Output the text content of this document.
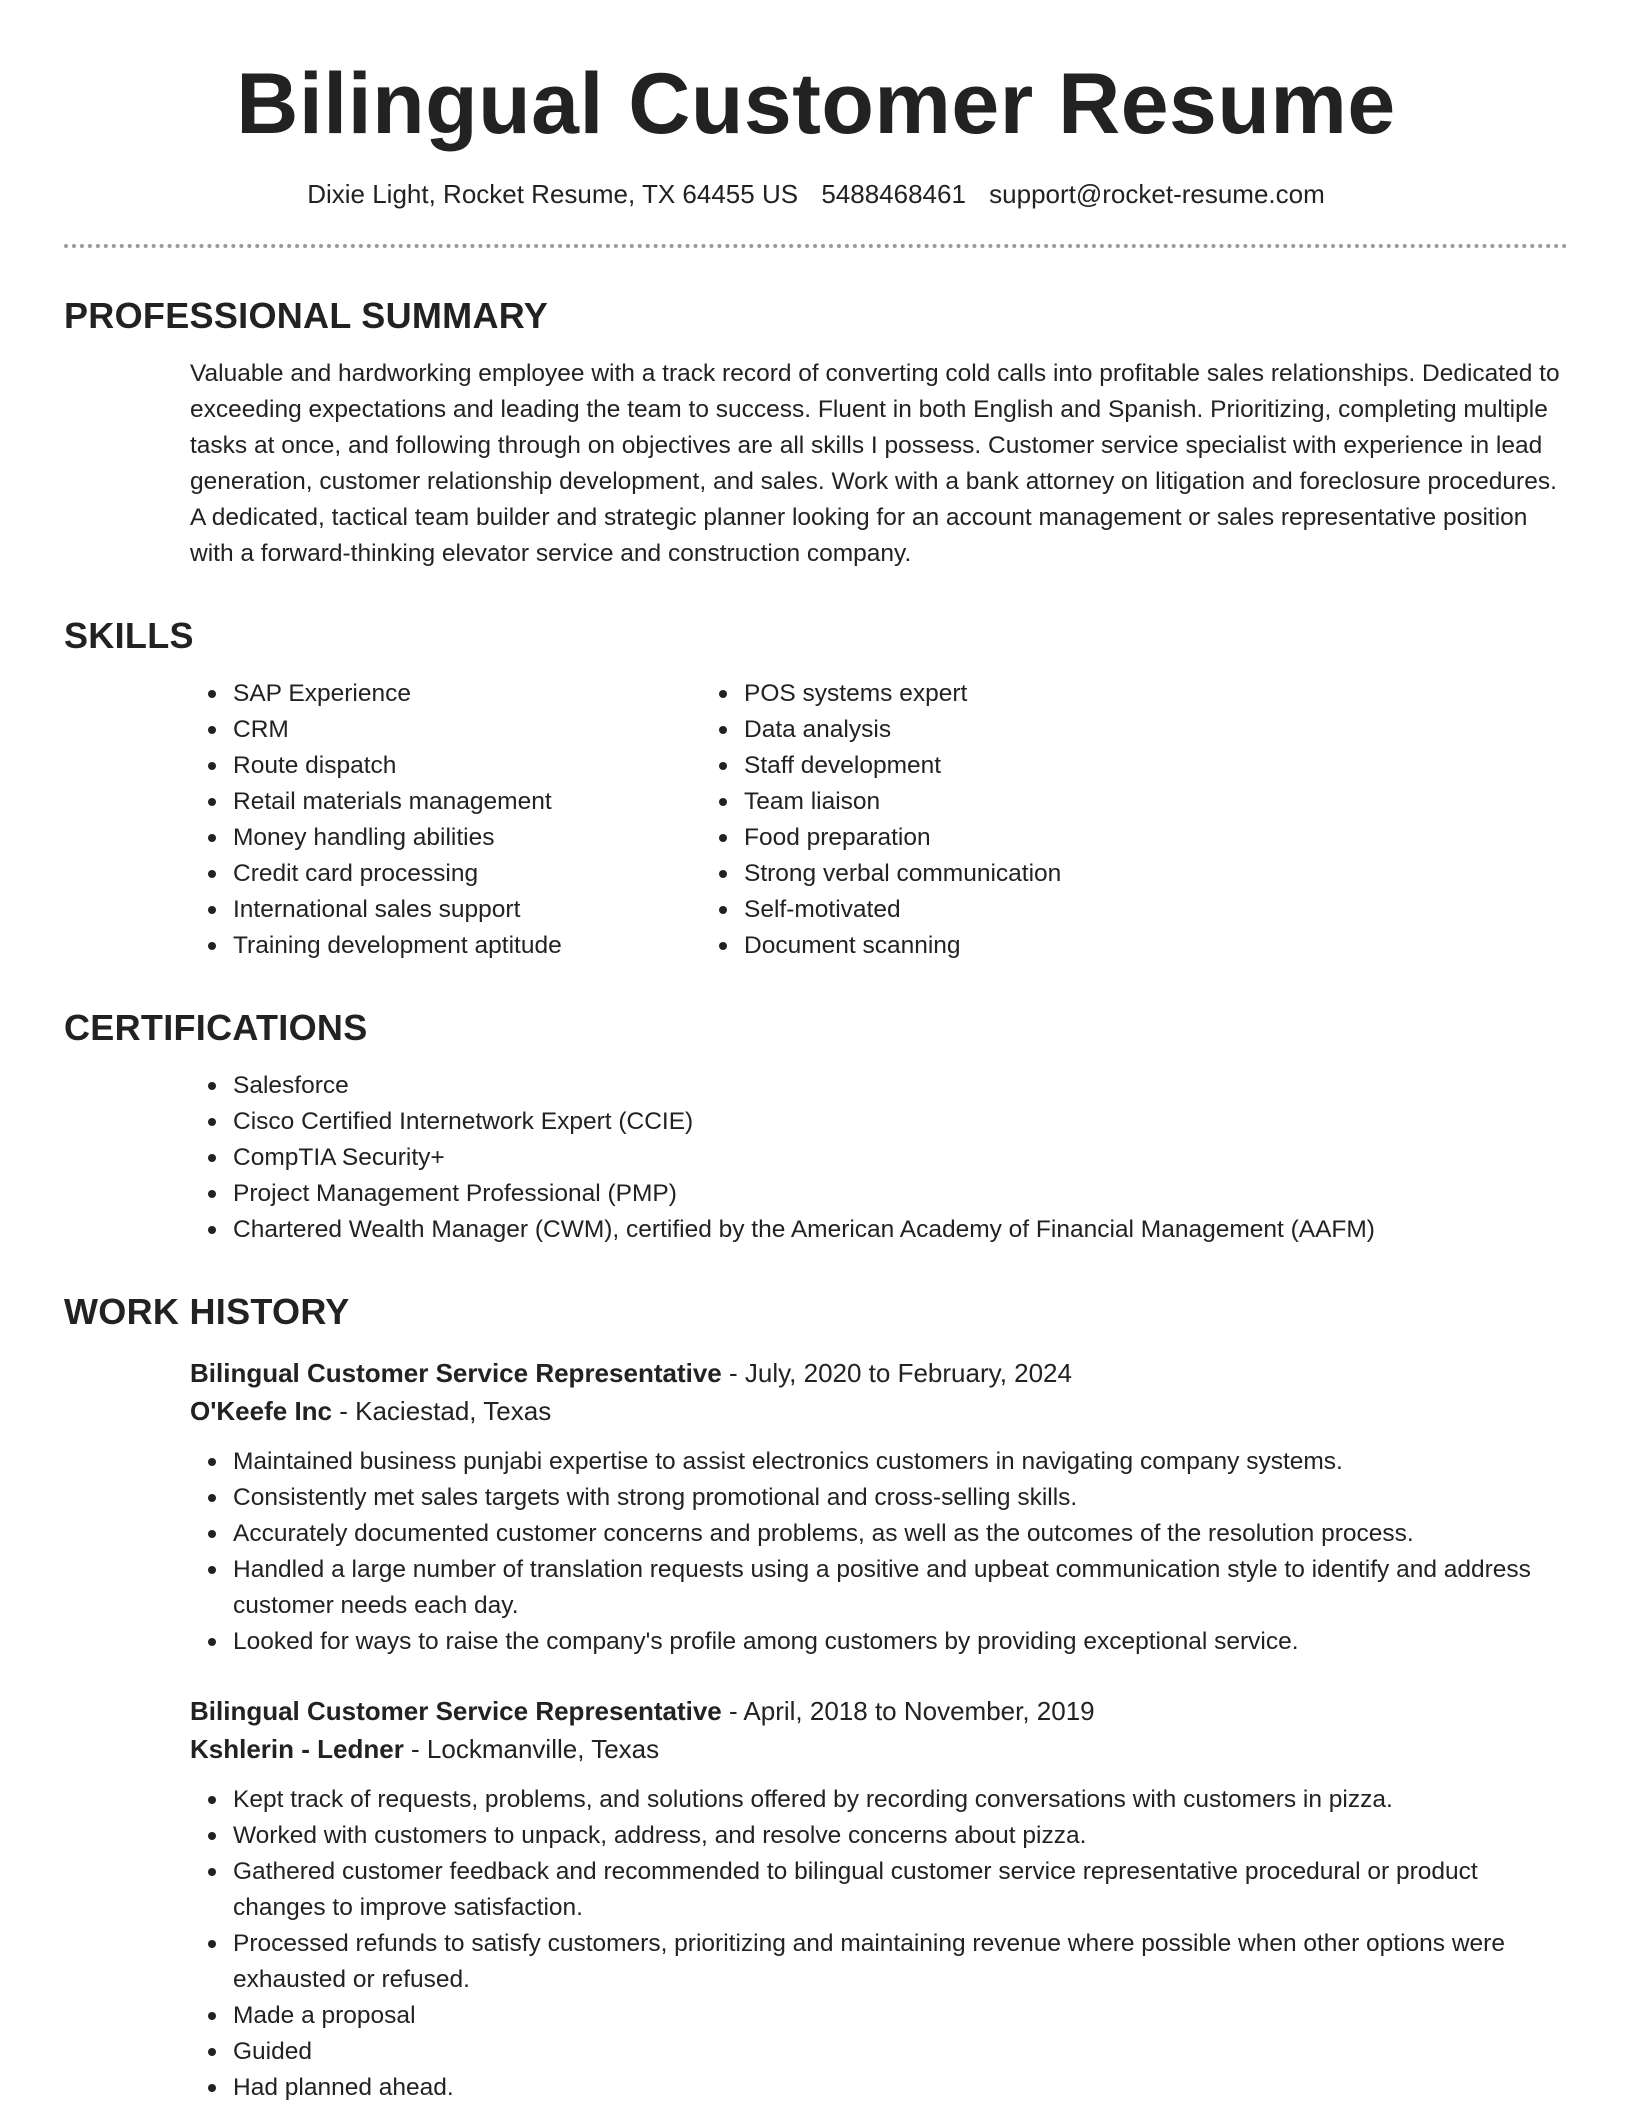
Bilingual Customer Resume
Dixie Light, Rocket Resume, TX 64455 US 5488468461 support@rocket-resume.com
PROFESSIONAL SUMMARY

Valuable and hardworking employee with a track record of converting cold calls into profitable sales relationships. Dedicated to exceeding expectations and leading the team to success. Fluent in both English and Spanish. Prioritizing, completing multiple tasks at once, and following through on objectives are all skills I possess. Customer service specialist with experience in lead generation, customer relationship development, and sales. Work with a bank attorney on litigation and foreclosure procedures. A dedicated, tactical team builder and strategic planner looking for an account management or sales representative position with a forward-thinking elevator service and construction company.

SKILLS
SAP Experience
CRM
Route dispatch
Retail materials management
Money handling abilities
Credit card processing
International sales support
Training development aptitude
POS systems expert
Data analysis
Staff development
Team liaison
Food preparation
Strong verbal communication
Self-motivated
Document scanning
CERTIFICATIONS
Salesforce
Cisco Certified Internetwork Expert (CCIE)
CompTIA Security+
Project Management Professional (PMP)
Chartered Wealth Manager (CWM), certified by the American Academy of Financial Management (AAFM)
WORK HISTORY
Bilingual Customer Service Representative - July, 2020 to February, 2024
O'Keefe Inc - Kaciestad, Texas
Maintained business punjabi expertise to assist electronics customers in navigating company systems.
Consistently met sales targets with strong promotional and cross-selling skills.
Accurately documented customer concerns and problems, as well as the outcomes of the resolution process.
Handled a large number of translation requests using a positive and upbeat communication style to identify and address customer needs each day.
Looked for ways to raise the company's profile among customers by providing exceptional service.
Bilingual Customer Service Representative - April, 2018 to November, 2019
Kshlerin - Ledner - Lockmanville, Texas
Kept track of requests, problems, and solutions offered by recording conversations with customers in pizza.
Worked with customers to unpack, address, and resolve concerns about pizza.
Gathered customer feedback and recommended to bilingual customer service representative procedural or product changes to improve satisfaction.
Processed refunds to satisfy customers, prioritizing and maintaining revenue where possible when other options were exhausted or refused.
Made a proposal
Guided
Had planned ahead.
